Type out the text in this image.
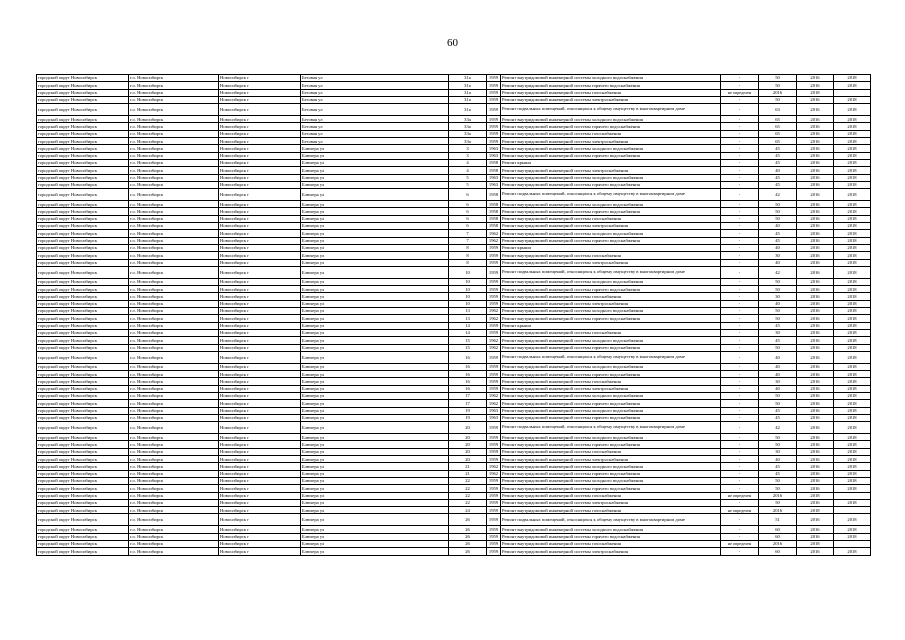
60
городской округ Новосибирск	г.о. Новосибирск	Новосибирск г	Беговая ул	31а	1959	Ремонт внутридомовой инженерной системы холодного водоснабжения	-	50	2016	2018
городской округ Новосибирск	г.о. Новосибирск	Новосибирск г	Беговая ул	31а	1959	Ремонт внутридомовой инженерной системы горячего водоснабжения	-	50	2016	2018
городской округ Новосибирск	г.о. Новосибирск	Новосибирск г	Беговая ул	31а	1959	Ремонт внутридомовой инженерной системы газоснабжения	не определен	2016	2018	
городской округ Новосибирск	г.о. Новосибирск	Новосибирск г	Беговая ул	31а	1959	Ремонт внутридомовой инженерной системы электроснабжения	-	50	2016	2018
городской округ Новосибирск	г.о. Новосибирск	Новосибирск г	Беговая ул	31а	1959	Ремонт подвальных помещений, относящихся к общему имуществу в многоквартирном доме	-	63	2016	2018
городской округ Новосибирск	г.о. Новосибирск	Новосибирск г	Беговая ул	33а	1959	Ремонт внутридомовой инженерной системы холодного водоснабжения	-	65	2016	2018
городской округ Новосибирск	г.о. Новосибирск	Новосибирск г	Беговая ул	33а	1959	Ремонт внутридомовой инженерной системы горячего водоснабжения	-	65	2016	2018
городской округ Новосибирск	г.о. Новосибирск	Новосибирск г	Беговая ул	33а	1959	Ремонт внутридомовой инженерной системы газоснабжения	-	65	2016	2018
городской округ Новосибирск	г.о. Новосибирск	Новосибирск г	Беговая ул	33а	1959	Ремонт внутридомовой инженерной системы электроснабжения	-	65	2016	2018
городской округ Новосибирск	г.о. Новосибирск	Новосибирск г	Блюхера ул	3	1963	Ремонт внутридомовой инженерной системы холодного водоснабжения	-	45	2016	2018
городской округ Новосибирск	г.о. Новосибирск	Новосибирск г	Блюхера ул	3	1963	Ремонт внутридомовой инженерной системы горячего водоснабжения	-	45	2016	2018
городской округ Новосибирск	г.о. Новосибирск	Новосибирск г	Блюхера ул	4	1958	Ремонт крыши	-	45	2016	2018
городской округ Новосибирск	г.о. Новосибирск	Новосибирск г	Блюхера ул	4	1958	Ремонт внутридомовой инженерной системы электроснабжения	-	40	2016	2018
городской округ Новосибирск	г.о. Новосибирск	Новосибирск г	Блюхера ул	5	1963	Ремонт внутридомовой инженерной системы холодного водоснабжения	-	45	2016	2018
городской округ Новосибирск	г.о. Новосибирск	Новосибирск г	Блюхера ул	5	1963	Ремонт внутридомовой инженерной системы горячего водоснабжения	-	45	2016	2018
городской округ Новосибирск	г.о. Новосибирск	Новосибирск г	Блюхера ул	6	1958	Ремонт подвальных помещений, относящихся к общему имуществу в многоквартирном доме	-	42	2016	2018
городской округ Новосибирск	г.о. Новосибирск	Новосибирск г	Блюхера ул	6	1958	Ремонт внутридомовой инженерной системы холодного водоснабжения	-	50	2016	2018
городской округ Новосибирск	г.о. Новосибирск	Новосибирск г	Блюхера ул	6	1958	Ремонт внутридомовой инженерной системы горячего водоснабжения	-	50	2016	2018
городской округ Новосибирск	г.о. Новосибирск	Новосибирск г	Блюхера ул	6	1958	Ремонт внутридомовой инженерной системы газоснабжения	-	50	2016	2018
городской округ Новосибирск	г.о. Новосибирск	Новосибирск г	Блюхера ул	6	1958	Ремонт внутридомовой инженерной системы электроснабжения	-	40	2016	2018
городской округ Новосибирск	г.о. Новосибирск	Новосибирск г	Блюхера ул	7	1962	Ремонт внутридомовой инженерной системы холодного водоснабжения	-	45	2016	2018
городской округ Новосибирск	г.о. Новосибирск	Новосибирск г	Блюхера ул	7	1962	Ремонт внутридомовой инженерной системы горячего водоснабжения	-	45	2016	2018
городской округ Новосибирск	г.о. Новосибирск	Новосибирск г	Блюхера ул	8	1959	Ремонт крыши	-	40	2016	2018
городской округ Новосибирск	г.о. Новосибирск	Новосибирск г	Блюхера ул	8	1959	Ремонт внутридомовой инженерной системы газоснабжения	-	30	2016	2018
городской округ Новосибирск	г.о. Новосибирск	Новосибирск г	Блюхера ул	8	1959	Ремонт внутридомовой инженерной системы электроснабжения	-	40	2016	2018
городской округ Новосибирск	г.о. Новосибирск	Новосибирск г	Блюхера ул	10	1959	Ремонт подвальных помещений, относящихся к общему имуществу в многоквартирном доме	-	42	2016	2018
городской округ Новосибирск	г.о. Новосибирск	Новосибирск г	Блюхера ул	10	1959	Ремонт внутридомовой инженерной системы холодного водоснабжения	-	50	2016	2018
городской округ Новосибирск	г.о. Новосибирск	Новосибирск г	Блюхера ул	10	1959	Ремонт внутридомовой инженерной системы горячего водоснабжения	-	50	2016	2018
городской округ Новосибирск	г.о. Новосибирск	Новосибирск г	Блюхера ул	10	1959	Ремонт внутридомовой инженерной системы газоснабжения	-	30	2016	2018
городской округ Новосибирск	г.о. Новосибирск	Новосибирск г	Блюхера ул	10	1959	Ремонт внутридомовой инженерной системы электроснабжения	-	40	2016	2018
городской округ Новосибирск	г.о. Новосибирск	Новосибирск г	Блюхера ул	13	1962	Ремонт внутридомовой инженерной системы холодного водоснабжения	-	50	2016	2018
городской округ Новосибирск	г.о. Новосибирск	Новосибирск г	Блюхера ул	13	1962	Ремонт внутридомовой инженерной системы горячего водоснабжения	-	50	2016	2018
городской округ Новосибирск	г.о. Новосибирск	Новосибирск г	Блюхера ул	14	1959	Ремонт крыши	-	45	2016	2018
городской округ Новосибирск	г.о. Новосибирск	Новосибирск г	Блюхера ул	14	1959	Ремонт внутридомовой инженерной системы газоснабжения	-	30	2016	2018
городской округ Новосибирск	г.о. Новосибирск	Новосибирск г	Блюхера ул	15	1962	Ремонт внутридомовой инженерной системы холодного водоснабжения	-	45	2016	2018
городской округ Новосибирск	г.о. Новосибирск	Новосибирск г	Блюхера ул	15	1962	Ремонт внутридомовой инженерной системы горячего водоснабжения	-	50	2016	2018
городской округ Новосибирск	г.о. Новосибирск	Новосибирск г	Блюхера ул	16	1959	Ремонт подвальных помещений, относящихся к общему имуществу в многоквартирном доме	-	40	2016	2018
городской округ Новосибирск	г.о. Новосибирск	Новосибирск г	Блюхера ул	16	1959	Ремонт внутридомовой инженерной системы холодного водоснабжения	-	40	2016	2018
городской округ Новосибирск	г.о. Новосибирск	Новосибирск г	Блюхера ул	16	1959	Ремонт внутридомовой инженерной системы горячего водоснабжения	-	40	2016	2018
городской округ Новосибирск	г.о. Новосибирск	Новосибирск г	Блюхера ул	16	1959	Ремонт внутридомовой инженерной системы газоснабжения	-	30	2016	2018
городской округ Новосибирск	г.о. Новосибирск	Новосибирск г	Блюхера ул	16	1959	Ремонт внутридомовой инженерной системы электроснабжения	-	40	2016	2018
городской округ Новосибирск	г.о. Новосибирск	Новосибирск г	Блюхера ул	17	1962	Ремонт внутридомовой инженерной системы холодного водоснабжения	-	50	2016	2018
городской округ Новосибирск	г.о. Новосибирск	Новосибирск г	Блюхера ул	17	1962	Ремонт внутридомовой инженерной системы горячего водоснабжения	-	50	2016	2018
городской округ Новосибирск	г.о. Новосибирск	Новосибирск г	Блюхера ул	19	1963	Ремонт внутридомовой инженерной системы холодного водоснабжения	-	45	2016	2018
городской округ Новосибирск	г.о. Новосибирск	Новосибирск г	Блюхера ул	19	1963	Ремонт внутридомовой инженерной системы горячего водоснабжения	-	45	2016	2018
городской округ Новосибирск	г.о. Новосибирск	Новосибирск г	Блюхера ул	20	1959	Ремонт подвальных помещений, относящихся к общему имуществу в многоквартирном доме	-	42	2016	2018
городской округ Новосибирск	г.о. Новосибирск	Новосибирск г	Блюхера ул	20	1959	Ремонт внутридомовой инженерной системы холодного водоснабжения	-	50	2016	2018
городской округ Новосибирск	г.о. Новосибирск	Новосибирск г	Блюхера ул	20	1959	Ремонт внутридомовой инженерной системы горячего водоснабжения	-	50	2016	2018
городской округ Новосибирск	г.о. Новосибирск	Новосибирск г	Блюхера ул	20	1959	Ремонт внутридомовой инженерной системы газоснабжения	-	30	2016	2018
городской округ Новосибирск	г.о. Новосибирск	Новосибирск г	Блюхера ул	20	1959	Ремонт внутридомовой инженерной системы электроснабжения	-	40	2016	2018
городской округ Новосибирск	г.о. Новосибирск	Новосибирск г	Блюхера ул	21	1962	Ремонт внутридомовой инженерной системы холодного водоснабжения	-	45	2016	2018
городской округ Новосибирск	г.о. Новосибирск	Новосибирск г	Блюхера ул	21	1962	Ремонт внутридомовой инженерной системы горячего водоснабжения	-	45	2016	2018
городской округ Новосибирск	г.о. Новосибирск	Новосибирск г	Блюхера ул	22	1959	Ремонт внутридомовой инженерной системы холодного водоснабжения	-	50	2016	2018
городской округ Новосибирск	г.о. Новосибирск	Новосибирск г	Блюхера ул	22	1959	Ремонт внутридомовой инженерной системы горячего водоснабжения	-	50	2016	2018
городской округ Новосибирск	г.о. Новосибирск	Новосибирск г	Блюхера ул	22	1959	Ремонт внутридомовой инженерной системы газоснабжения	не определен	2016	2018	
городской округ Новосибирск	г.о. Новосибирск	Новосибирск г	Блюхера ул	22	1959	Ремонт внутридомовой инженерной системы электроснабжения	-	50	2016	2018
городской округ Новосибирск	г.о. Новосибирск	Новосибирск г	Блюхера ул	24	1959	Ремонт внутридомовой инженерной системы газоснабжения	не определен	2016	2018	
городской округ Новосибирск	г.о. Новосибирск	Новосибирск г	Блюхера ул	26	1959	Ремонт подвальных помещений, относящихся к общему имуществу в многоквартирном доме	-	51	2016	2018
городской округ Новосибирск	г.о. Новосибирск	Новосибирск г	Блюхера ул	26	1959	Ремонт внутридомовой инженерной системы холодного водоснабжения	-	60	2016	2018
городской округ Новосибирск	г.о. Новосибирск	Новосибирск г	Блюхера ул	26	1959	Ремонт внутридомовой инженерной системы горячего водоснабжения	-	60	2016	2018
городской округ Новосибирск	г.о. Новосибирск	Новосибирск г	Блюхера ул	26	1959	Ремонт внутридомовой инженерной системы газоснабжения	не определен	2016	2018	
городской округ Новосибирск	г.о. Новосибирск	Новосибирск г	Блюхера ул	26	1959	Ремонт внутридомовой инженерной системы электроснабжения	-	60	2016	2018
